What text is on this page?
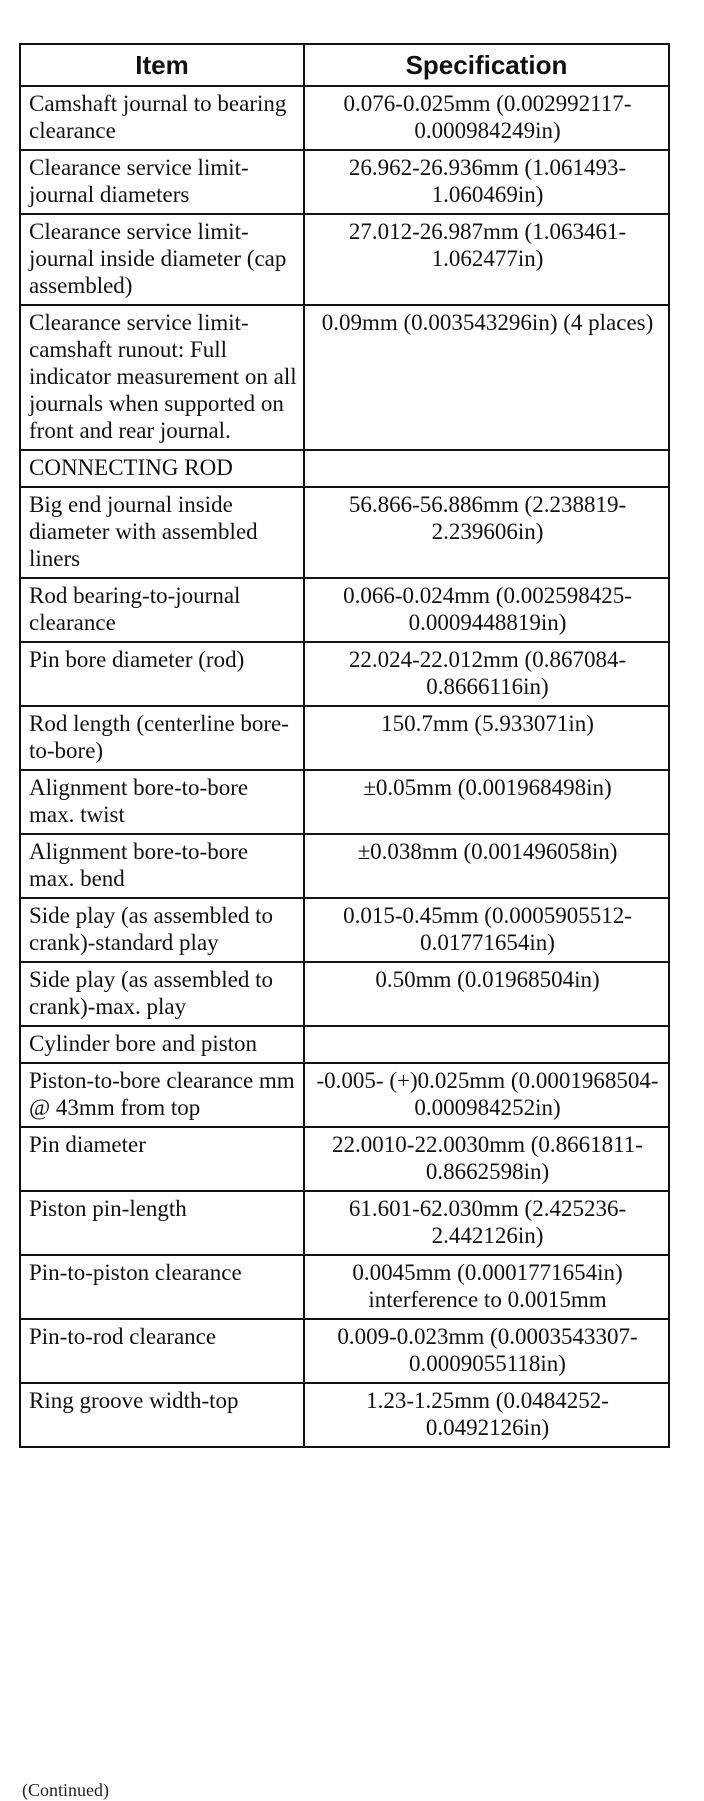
Item	Specification
Camshaft journal to bearing clearance	0.076-0.025mm (0.002992117-0.000984249in)
Clearance service limit-journal diameters	26.962-26.936mm (1.061493-1.060469in)
Clearance service limit-journal inside diameter (cap assembled)	27.012-26.987mm (1.063461-1.062477in)
Clearance service limit-camshaft runout: Full indicator measurement on all journals when supported on front and rear journal.	0.09mm (0.003543296in) (4 places)
CONNECTING ROD	
Big end journal inside diameter with assembled liners	56.866-56.886mm (2.238819-2.239606in)
Rod bearing-to-journal clearance	0.066-0.024mm (0.002598425-0.0009448819in)
Pin bore diameter (rod)	22.024-22.012mm (0.867084-0.8666116in)
Rod length (centerline bore-to-bore)	150.7mm (5.933071in)
Alignment bore-to-bore max. twist	±0.05mm (0.001968498in)
Alignment bore-to-bore max. bend	±0.038mm (0.001496058in)
Side play (as assembled to crank)-standard play	0.015-0.45mm (0.0005905512-0.01771654in)
Side play (as assembled to crank)-max. play	0.50mm (0.01968504in)
Cylinder bore and piston	
Piston-to-bore clearance mm @ 43mm from top	-0.005- (+)0.025mm (0.0001968504-0.000984252in)
Pin diameter	22.0010-22.0030mm (0.8661811-0.8662598in)
Piston pin-length	61.601-62.030mm (2.425236-2.442126in)
Pin-to-piston clearance	0.0045mm (0.0001771654in) interference to 0.0015mm
Pin-to-rod clearance	0.009-0.023mm (0.0003543307-0.0009055118in)
Ring groove width-top	1.23-1.25mm (0.0484252-0.0492126in)
(Continued)
